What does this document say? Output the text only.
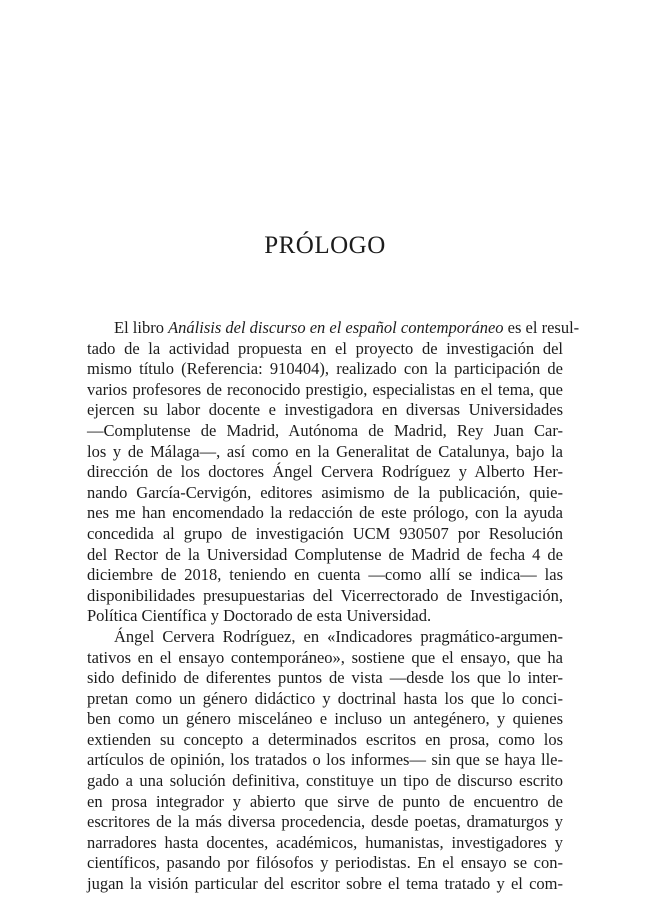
PRÓLOGO
El libro Análisis del discurso en el español contemporáneo es el resul-
tado de la actividad propuesta en el proyecto de investigación del
mismo título (Referencia: 910404), realizado con la participación de
varios profesores de reconocido prestigio, especialistas en el tema, que
ejercen su labor docente e investigadora en diversas Universidades
—Complutense de Madrid, Autónoma de Madrid, Rey Juan Car-
los y de Málaga—, así como en la Generalitat de Catalunya, bajo la
dirección de los doctores Ángel Cervera Rodríguez y Alberto Her-
nando García-Cervigón, editores asimismo de la publicación, quie-
nes me han encomendado la redacción de este prólogo, con la ayuda
concedida al grupo de investigación UCM 930507 por Resolución
del Rector de la Universidad Complutense de Madrid de fecha 4 de
diciembre de 2018, teniendo en cuenta —como allí se indica— las
disponibilidades presupuestarias del Vicerrectorado de Investigación,
Política Científica y Doctorado de esta Universidad.
Ángel Cervera Rodríguez, en «Indicadores pragmático-argumen-
tativos en el ensayo contemporáneo», sostiene que el ensayo, que ha
sido definido de diferentes puntos de vista —desde los que lo inter-
pretan como un género didáctico y doctrinal hasta los que lo conci-
ben como un género misceláneo e incluso un antegénero, y quienes
extienden su concepto a determinados escritos en prosa, como los
artículos de opinión, los tratados o los informes— sin que se haya lle-
gado a una solución definitiva, constituye un tipo de discurso escrito
en prosa integrador y abierto que sirve de punto de encuentro de
escritores de la más diversa procedencia, desde poetas, dramaturgos y
narradores hasta docentes, académicos, humanistas, investigadores y
científicos, pasando por filósofos y periodistas. En el ensayo se con-
jugan la visión particular del escritor sobre el tema tratado y el com-
